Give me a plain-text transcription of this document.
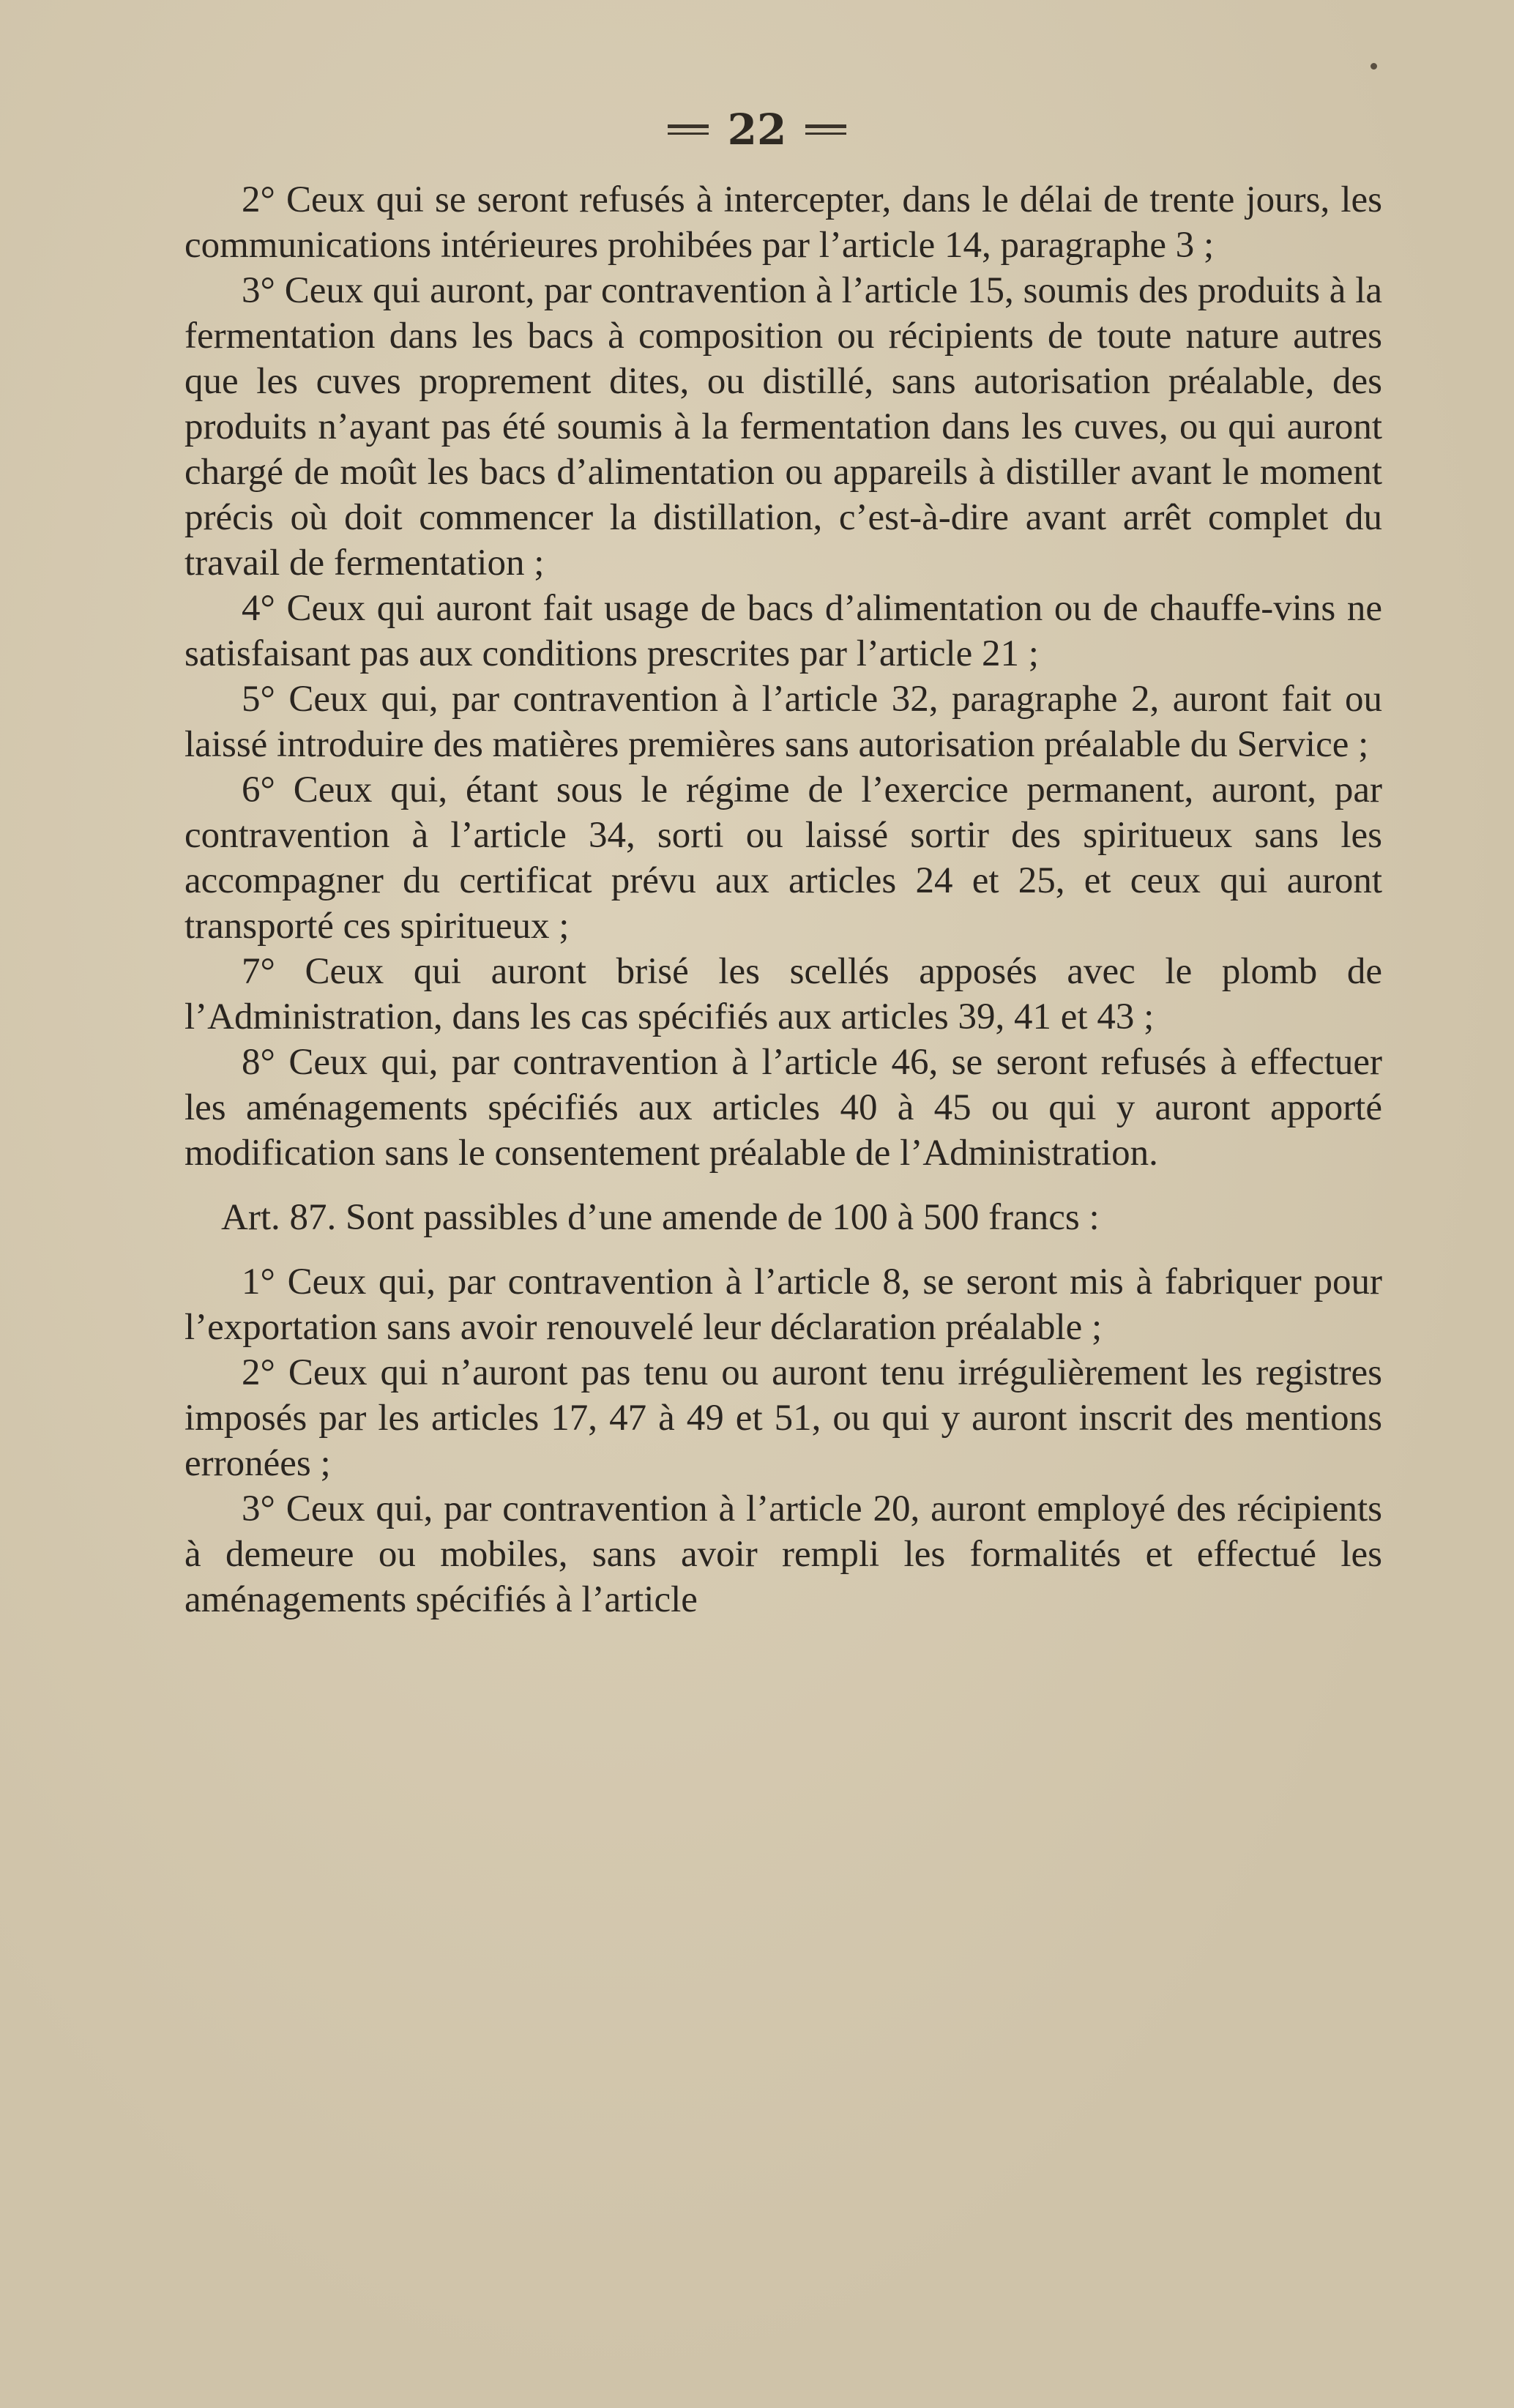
22

2° Ceux qui se seront refusés à intercepter, dans le délai de trente jours, les communications intérieures prohibées par l’article 14, paragraphe 3 ;

3° Ceux qui auront, par contravention à l’article 15, soumis des produits à la fermentation dans les bacs à composition ou récipients de toute nature autres que les cuves proprement dites, ou distillé, sans autorisation préalable, des produits n’ayant pas été soumis à la fermentation dans les cuves, ou qui auront chargé de moût les bacs d’alimentation ou appareils à distiller avant le moment précis où doit commencer la distillation, c’est-à-dire avant arrêt complet du travail de fermentation ;

4° Ceux qui auront fait usage de bacs d’alimentation ou de chauffe-vins ne satisfaisant pas aux conditions prescrites par l’article 21 ;

5° Ceux qui, par contravention à l’article 32, paragraphe 2, auront fait ou laissé introduire des matières premières sans autorisation préalable du Service ;

6° Ceux qui, étant sous le régime de l’exercice permanent, auront, par contravention à l’article 34, sorti ou laissé sortir des spiritueux sans les accompagner du certificat prévu aux articles 24 et 25, et ceux qui auront transporté ces spiritueux ;

7° Ceux qui auront brisé les scellés apposés avec le plomb de l’Administration, dans les cas spécifiés aux articles 39, 41 et 43 ;

8° Ceux qui, par contravention à l’article 46, se seront refusés à effectuer les aménagements spécifiés aux articles 40 à 45 ou qui y auront apporté modification sans le consentement préalable de l’Administration.

Art. 87. Sont passibles d’une amende de 100 à 500 francs :

1° Ceux qui, par contravention à l’article 8, se seront mis à fabriquer pour l’exportation sans avoir renouvelé leur déclaration préalable ;

2° Ceux qui n’auront pas tenu ou auront tenu irrégulièrement les registres imposés par les articles 17, 47 à 49 et 51, ou qui y auront inscrit des mentions erronées ;

3° Ceux qui, par contravention à l’article 20, auront employé des récipients à demeure ou mobiles, sans avoir rempli les formalités et effectué les aménagements spécifiés à l’article
